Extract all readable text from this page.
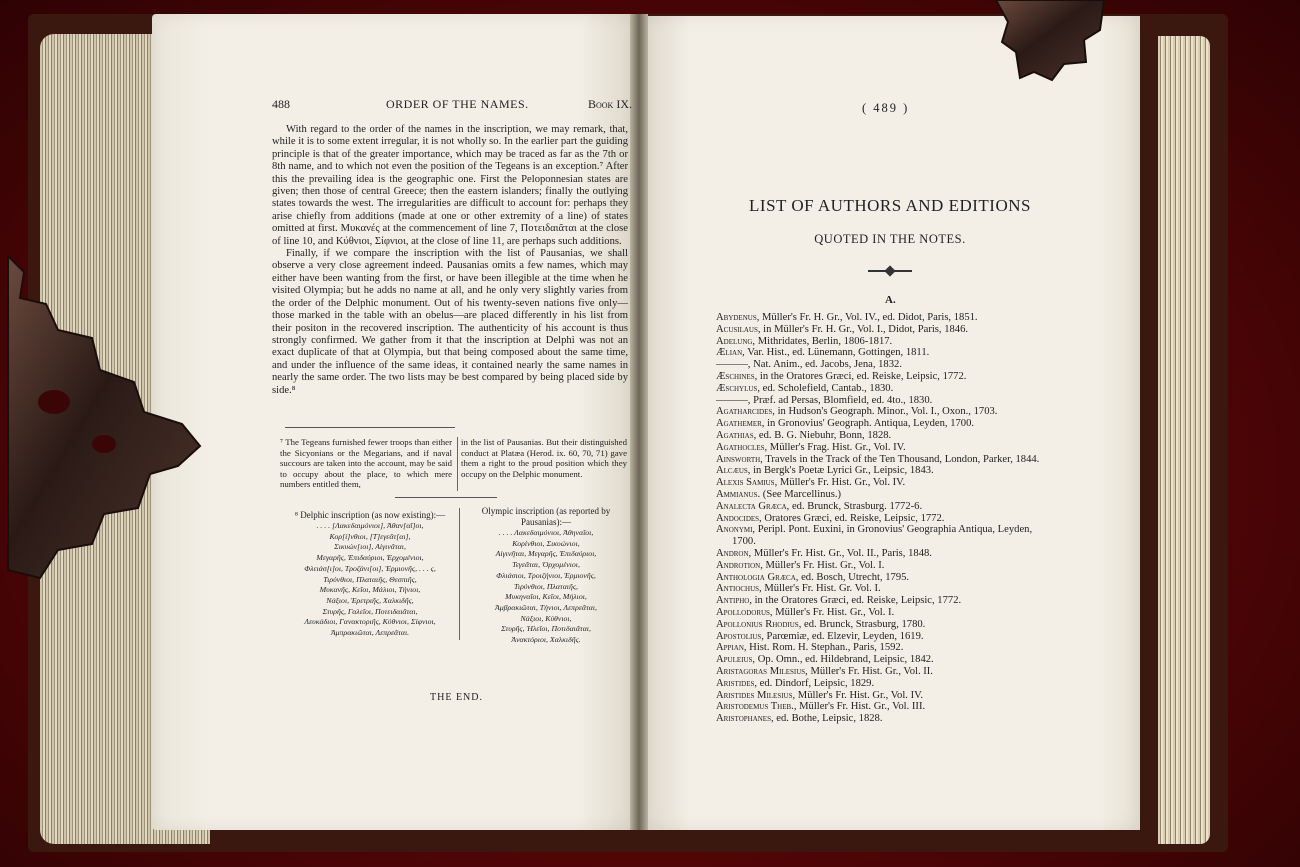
488	ORDER OF THE NAMES.	Book IX.

With regard to the order of the names in the inscription, we may remark, that, while it is to some extent irregular, it is not wholly so. In the earlier part the guiding principle is that of the greater importance, which may be traced as far as the 7th or 8th name, and to which not even the position of the Tegeans is an exception.⁷ After this the prevailing idea is the geographic one. First the Peloponnesian states are given; then those of central Greece; then the eastern islanders; finally the outlying states towards the west. The irregularities are difficult to account for: perhaps they arise chiefly from additions (made at one or other extremity of a line) of states omitted at first. Μυκανές at the commencement of line 7, Ποτειδαιᾶται at the close of line 10, and Κύθνιοι, Σίφνιοι, at the close of line 11, are perhaps such additions.

Finally, if we compare the inscription with the list of Pausanias, we shall observe a very close agreement indeed. Pausanias omits a few names, which may either have been wanting from the first, or have been illegible at the time when he visited Olympia; but he adds no name at all, and he only very slightly varies from the order of the Delphic monument. Out of his twenty-seven nations five only—those marked in the table with an obelus—are placed differently in his list from their positon in the recovered inscription. The authenticity of his account is thus strongly confirmed. We gather from it that the inscription at Delphi was not an exact duplicate of that at Olympia, but that being composed about the same time, and under the influence of the same ideas, it contained nearly the same names in nearly the same order. The two lists may be best compared by being placed side by side.⁸

⁷ The Tegeans furnished fewer troops than either the Sicyonians or the Megarians, and if naval succours are taken into the account, may be said to occupy about the place, to which mere numbers entitled them,
in the list of Pausanias. But their distinguished conduct at Platæa (Herod. ix. 60, 70, 71) gave them a right to the proud position which they occupy on the Delphic monument.
⁸ Delphic inscription (as now existing):—
. . . . [Λακεδαιμόνιοι], Ἀθαν[αῖ]οι,
Κορ[ί]νθιοι, [Τ]εγεᾶτ[αι],
Σικυών[ιοι], Αἰγινᾶται,
Μεγαρῆς, Ἐπιδαύριοι, Ἐρχομένιοι,
Φλειάσ[ι]οι, Τροζάνι[οι], Ἑρμιονῆς, . . . ς,
Τιρύνθιοι, Πλαταιῆς, Θεσπιῆς,
Μυκανῆς, Κεῖοι, Μάλιοι, Τήνιοι,
Νάξιοι, Ἐρετριῆς, Χαλκιδῆς,
Στυρῆς, Γαλεῖοι, Ποτειδαιᾶται,
Λευκάδιοι, Γανακτοριῆς, Κύθνιοι, Σίφνιοι,
Ἀμπρακιῶται, Λεπρεᾶται.
Olympic inscription (as reported by Pausanias):—
. . . . Λακεδαιμόνιοι, Ἀθηναῖοι,
Κορίνθιοι, Σικυώνιοι,
Αἰγινῆται, Μεγαρῆς, Ἐπιδαύριοι,
Τεγεᾶται, Ὀρχομένιοι,
Φλιάσιοι, Τροιζήνιοι, Ἑρμιονῆς,
Τιρύνθιοι, Πλαταιῆς,
Μυκηναῖοι, Κεῖοι, Μήλιοι,
Ἀμβρακιῶται, Τήνιοι, Λεπρεᾶται,
Νάξιοι, Κύθνιοι,
Στυρῆς, Ἠλεῖοι, Ποτιδαιᾶται,
Ἀνακτόριοι, Χαλκιδῆς.
THE END.
( 489 )
LIST OF AUTHORS AND EDITIONS
QUOTED IN THE NOTES.
A.
Abydenus, Müller's Fr. H. Gr., Vol. IV., ed. Didot, Paris, 1851.
Acusilaus, in Müller's Fr. H. Gr., Vol. I., Didot, Paris, 1846.
Adelung, Mithridates, Berlin, 1806-1817.
Ælian, Var. Hist., ed. Lünemann, Gottingen, 1811.
———, Nat. Anim., ed. Jacobs, Jena, 1832.
Æschines, in the Oratores Græci, ed. Reiske, Leipsic, 1772.
Æschylus, ed. Scholefield, Cantab., 1830.
———, Præf. ad Persas, Blomfield, ed. 4to., 1830.
Agatharcides, in Hudson's Geograph. Minor., Vol. I., Oxon., 1703.
Agathemer, in Gronovius' Geograph. Antiqua, Leyden, 1700.
Agathias, ed. B. G. Niebuhr, Bonn, 1828.
Agathocles, Müller's Frag. Hist. Gr., Vol. IV.
Ainsworth, Travels in the Track of the Ten Thousand, London, Parker, 1844.
Alcæus, in Bergk's Poetæ Lyrici Gr., Leipsic, 1843.
Alexis Samius, Müller's Fr. Hist. Gr., Vol. IV.
Ammianus. (See Marcellinus.)
Analecta Græca, ed. Brunck, Strasburg. 1772-6.
Andocides, Oratores Græci, ed. Reiske, Leipsic, 1772.
Anonymi, Peripl. Pont. Euxini, in Gronovius' Geographia Antiqua, Leyden,
1700.
Andron, Müller's Fr. Hist. Gr., Vol. II., Paris, 1848.
Androtion, Müller's Fr. Hist. Gr., Vol. I.
Anthologia Græca, ed. Bosch, Utrecht, 1795.
Antiochus, Müller's Fr. Hist. Gr. Vol. I.
Antipho, in the Oratores Græci, ed. Reiske, Leipsic, 1772.
Apollodorus, Müller's Fr. Hist. Gr., Vol. I.
Apollonius Rhodius, ed. Brunck, Strasburg, 1780.
Apostolius, Parœmiæ, ed. Elzevir, Leyden, 1619.
Appian, Hist. Rom. H. Stephan., Paris, 1592.
Apuleius, Op. Omn., ed. Hildebrand, Leipsic, 1842.
Aristagoras Milesius, Müller's Fr. Hist. Gr., Vol. II.
Aristides, ed. Dindorf, Leipsic, 1829.
Aristides Milesius, Müller's Fr. Hist. Gr., Vol. IV.
Aristodemus Theb., Müller's Fr. Hist. Gr., Vol. III.
Aristophanes, ed. Bothe, Leipsic, 1828.
